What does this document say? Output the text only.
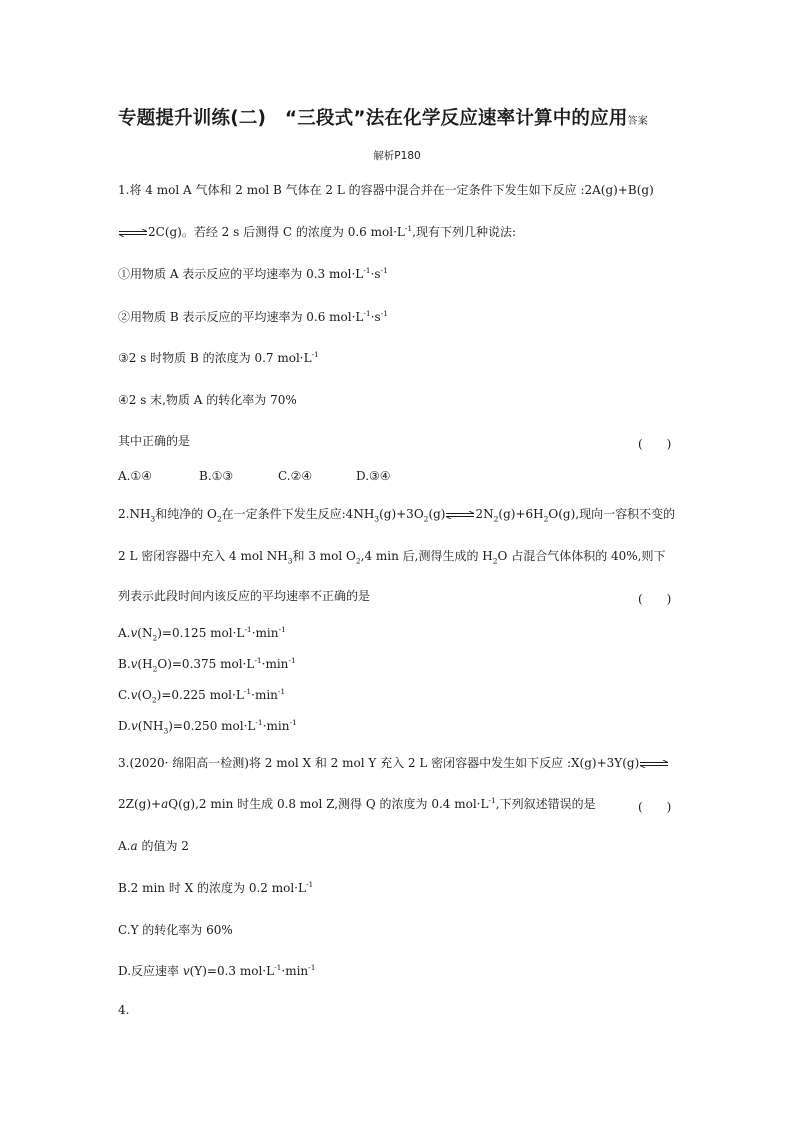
专题提升训练(二)　“三段式”法在化学反应速率计算中的应用答案
解析P180
1.将 4 mol A 气体和 2 mol B 气体在 2 L 的容器中混合并在一定条件下发生如下反应 :2A(g)+B(g)
⇌2C(g)。若经 2 s 后测得 C 的浓度为 0.6 $mol\cdot L^{-1}$,现有下列几种说法:
①用物质 A 表示反应的平均速率为 0.3 $mol\cdot L^{-1}\cdot s^{-1}$
②用物质 B 表示反应的平均速率为 0.6 $mol\cdot L^{-1}\cdot s^{-1}$
③2 s 时物质 B 的浓度为 0.7 $mol\cdot L^{-1}$
④2 s 末,物质 A 的转化率为 70%
其中正确的是	(　　)
A.①④	B.①③	C.②④	D.③④
$2.NH_3$和纯净的 $O_2$在一定条件下发生反应$:4NH_3(g)+3O_2(g)\rightleftharpoons 2N_2(g)+6H_2O(g)$,现向一容积不变的
2 L 密闭容器中充入 4 mol $NH_3$和 3 mol $O_2,4$ min 后,测得生成的 $H_2O$ 占混合气体体积的 40%,则下
列表示此段时间内该反应的平均速率不正确的是	(　　)
$A.v(N_2)=0.125$ $mol\cdot L^{-1}\cdot\min^{-1}$
$B.v(H_2O)=0.375$ $mol\cdot L^{-1}\cdot\min^{-1}$
$C.v(O_2)=0.225$ $mol\cdot L^{-1}\cdot\min^{-1}$
$D.v(NH_3)=0.250$ $mol\cdot L^{-1}\cdot\min^{-1}$
3.(2020· 绵阳高一检测)将 2 mol X 和 2 mol Y 充入 2 L 密闭容器中发生如下反应 :X(g)+3Y(g)⇌
2Z(g)+aQ(g),2 min 时生成 0.8 mol Z,测得 Q 的浓度为 0.4 $mol\cdot L^{-1}$,下列叙述错误的是	(　　)
A.a 的值为 2
B.2 min 时 X 的浓度为 0.2 $mol\cdot L^{-1}$
C.Y 的转化率为 60%
D.反应速率 v(Y)=0.3 $mol\cdot L^{-1}\cdot\min^{-1}$
4.
